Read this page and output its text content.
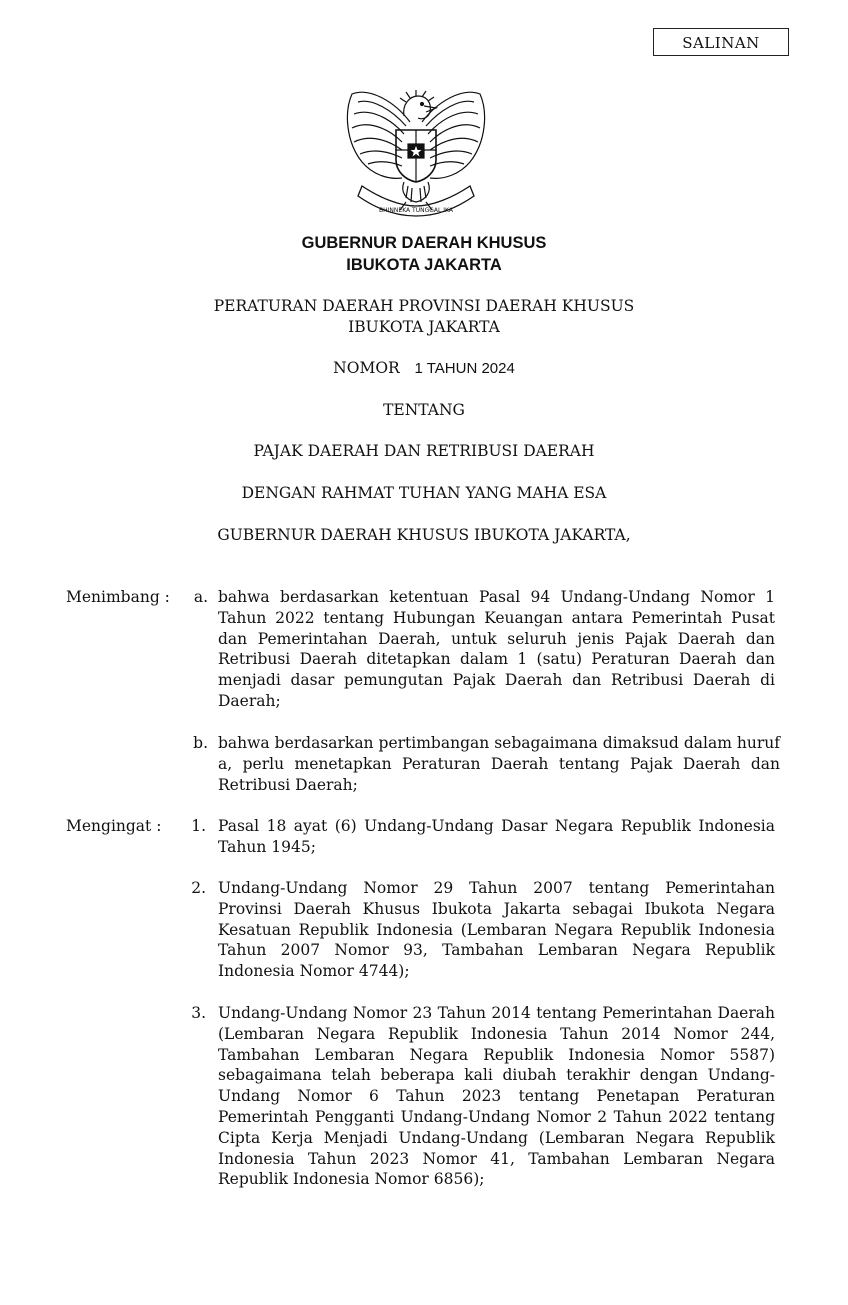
SALINAN
BHINNEKA TUNGGAL IKA
GUBERNUR DAERAH KHUSUS
IBUKOTA JAKARTA
PERATURAN DAERAH PROVINSI DAERAH KHUSUS
IBUKOTA JAKARTA
NOMOR 1 TAHUN 2024
TENTANG
PAJAK DAERAH DAN RETRIBUSI DAERAH
DENGAN RAHMAT TUHAN YANG MAHA ESA
GUBERNUR DAERAH KHUSUS IBUKOTA JAKARTA,
Menimbang :	a. bahwa berdasarkan ketentuan Pasal 94 Undang-Undang Nomor 1 Tahun 2022 tentang Hubungan Keuangan antara Pemerintah Pusat dan Pemerintahan Daerah, untuk seluruh jenis Pajak Daerah dan Retribusi Daerah ditetapkan dalam 1 (satu) Peraturan Daerah dan menjadi dasar pemungutan Pajak Daerah dan Retribusi Daerah di Daerah;
b. bahwa berdasarkan pertimbangan sebagaimana dimaksud dalam huruf a, perlu menetapkan Peraturan Daerah tentang Pajak Daerah dan Retribusi Daerah;
Mengingat :	1. Pasal 18 ayat (6) Undang-Undang Dasar Negara Republik Indonesia Tahun 1945;
2. Undang-Undang Nomor 29 Tahun 2007 tentang Pemerintahan Provinsi Daerah Khusus Ibukota Jakarta sebagai Ibukota Negara Kesatuan Republik Indonesia (Lembaran Negara Republik Indonesia Tahun 2007 Nomor 93, Tambahan Lembaran Negara Republik Indonesia Nomor 4744);
3. Undang-Undang Nomor 23 Tahun 2014 tentang Pemerintahan Daerah (Lembaran Negara Republik Indonesia Tahun 2014 Nomor 244, Tambahan Lembaran Negara Republik Indonesia Nomor 5587) sebagaimana telah beberapa kali diubah terakhir dengan Undang-Undang Nomor 6 Tahun 2023 tentang Penetapan Peraturan Pemerintah Pengganti Undang-Undang Nomor 2 Tahun 2022 tentang Cipta Kerja Menjadi Undang-Undang (Lembaran Negara Republik Indonesia Tahun 2023 Nomor 41, Tambahan Lembaran Negara Republik Indonesia Nomor 6856);
